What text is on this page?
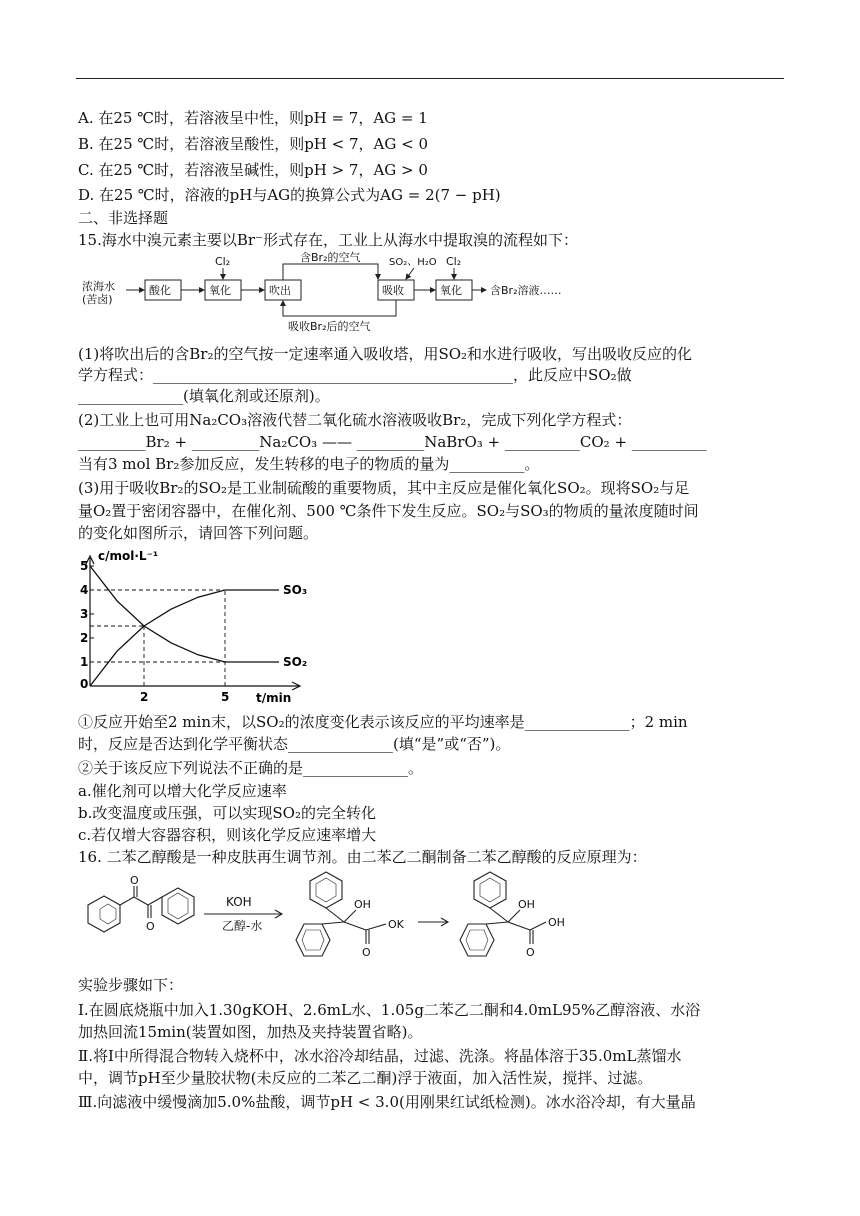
A. 在25 ℃时，若溶液呈中性，则pH = 7，AG = 1
B. 在25 ℃时，若溶液呈酸性，则pH < 7，AG < 0
C. 在25 ℃时，若溶液呈碱性，则pH > 7，AG > 0
D. 在25 ℃时，溶液的pH与AG的换算公式为AG = 2(7 − pH)
二、非选择题
15.海水中溴元素主要以Br⁻形式存在，工业上从海水中提取溴的流程如下：
浓海水
(苦卤)
酸化	氧化	吹出	吸收	氧化
Cl₂	Cl₂
SO₂、H₂O
含Br₂的空气
吸收Br₂后的空气
含Br₂溶液……
(1)将吹出后的含Br₂的空气按一定速率通入吸收塔，用SO₂和水进行吸收，写出吸收反应的化
学方程式：________________________________________________，此反应中SO₂做
______________(填氧化剂或还原剂)。
(2)工业上也可用Na₂CO₃溶液代替二氧化硫水溶液吸收Br₂，完成下列化学方程式：
_________Br₂ + _________Na₂CO₃ —— _________NaBrO₃ + __________CO₂ + __________
当有3 mol Br₂参加反应，发生转移的电子的物质的量为__________。
(3)用于吸收Br₂的SO₂是工业制硫酸的重要物质，其中主反应是催化氧化SO₂。现将SO₂与足
量O₂置于密闭容器中，在催化剂、500 ℃条件下发生反应。SO₂与SO₃的物质的量浓度随时间
的变化如图所示，请回答下列问题。
c/mol·L⁻¹
t/min
1
2
3
4
5
0
2	5
SO₃
SO₂
①反应开始至2 min末，以SO₂的浓度变化表示该反应的平均速率是______________；2 min
时，反应是否达到化学平衡状态______________(填“是”或“否”)。
②关于该反应下列说法不正确的是______________。
a.催化剂可以增大化学反应速率
b.改变温度或压强，可以实现SO₂的完全转化
c.若仅增大容器容积，则该化学反应速率增大
16. 二苯乙醇酸是一种皮肤再生调节剂。由二苯乙二酮制备二苯乙醇酸的反应原理为：
O
O
KOH
乙醇-水
OH
O
OK
OH
O
OH
实验步骤如下：
Ⅰ.在圆底烧瓶中加入1.30gKOH、2.6mL水、1.05g二苯乙二酮和4.0mL95%乙醇溶液、水浴
加热回流15min(装置如图，加热及夹持装置省略)。
Ⅱ.将Ⅰ中所得混合物转入烧杯中，冰水浴冷却结晶，过滤、洗涤。将晶体溶于35.0mL蒸馏水
中，调节pH至少量胶状物(未反应的二苯乙二酮)浮于液面，加入活性炭，搅拌、过滤。
Ⅲ.向滤液中缓慢滴加5.0%盐酸，调节pH < 3.0(用刚果红试纸检测)。冰水浴冷却，有大量晶
